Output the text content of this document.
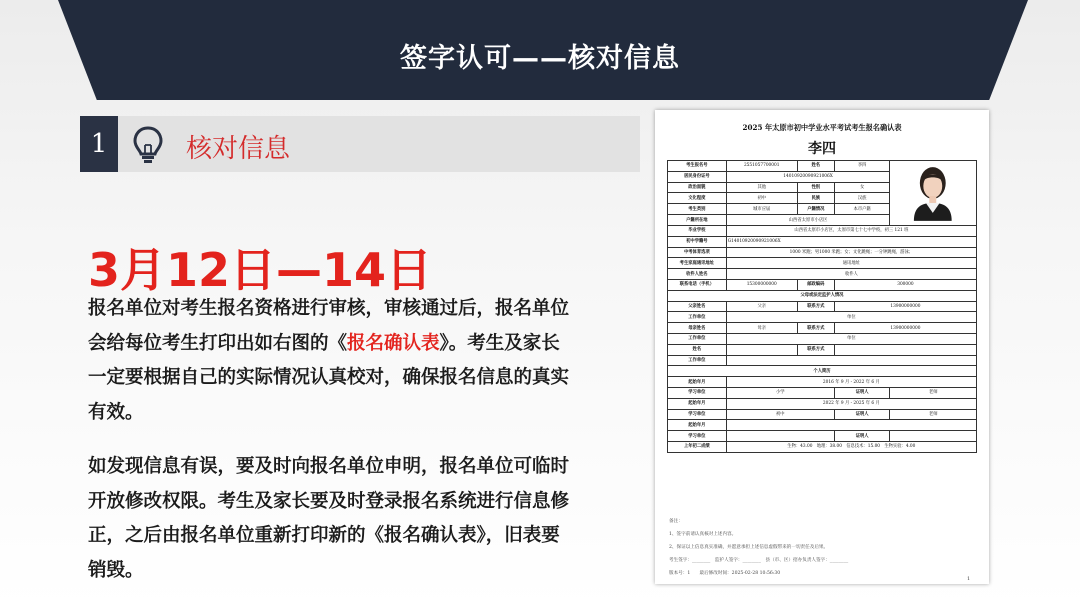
签字认可——核对信息
1	核对信息
3月12日—14日

报名单位对考生报名资格进行审核，审核通过后，报名单位会给每位考生打印出如右图的《报名确认表》。考生及家长一定要根据自己的实际情况认真校对，确保报名信息的真实有效。

如发现信息有误，要及时向报名单位申明，报名单位可临时开放修改权限。考生及家长要及时登录报名系统进行信息修正，之后由报名单位重新打印新的《报名确认表》，旧表要销毁。

2025 年太原市初中学业水平考试考生报名确认表
李四
考生报名号	2551057700001	姓名	李四	
居民身份证号	14010920090921006X			
政治面貌	其他	性别	女	
文化程度	初中	民族	汉族	
考生类别	城市应届	户籍情况	本市户籍	
户籍所在地	山西省太原市小店区			
毕业学校	山西省太原市小店区，太原市第七十七中学校，初三 121 班			
初中学籍号	G14010920090921006X			
中考体育选项	1000 米跑；男1000 米跑；女；文化跳绳；一分钟跳绳，游泳；			
考生家庭通讯地址	通讯地址			
收件人姓名	收件人			
联系电话（手机）	15300000000	邮政编码	300000	
父母或法定监护人情况				
父亲姓名	父亲	联系方式	13900000000	
工作单位	单位			
母亲姓名	母亲	联系方式	13900000000	
工作单位	单位			
姓名		联系方式		
工作单位				
个人简历				
起始年月	2016 年 9 月 - 2022 年 6 月			
学习单位	小学		证明人	老师
起始年月	2022 年 9 月 - 2025 年 6 月			
学习单位	初中		证明人	老师
起始年月				
学习单位			证明人	
上年初二成绩	生物：43.00　地理：38.00　信息技术：15.00　生物实验：4.00			
备注：
1、签字前请认真核对上述内容。
2、保证以上信息真实准确，并愿意承担上述信息虚假带来的一切责任及后果。
考生签字：________　监护人签字：________　县（市、区）招办负责人签字：________
版本号：1　　最后修改时间：2025-02-28 10:56:30
1
